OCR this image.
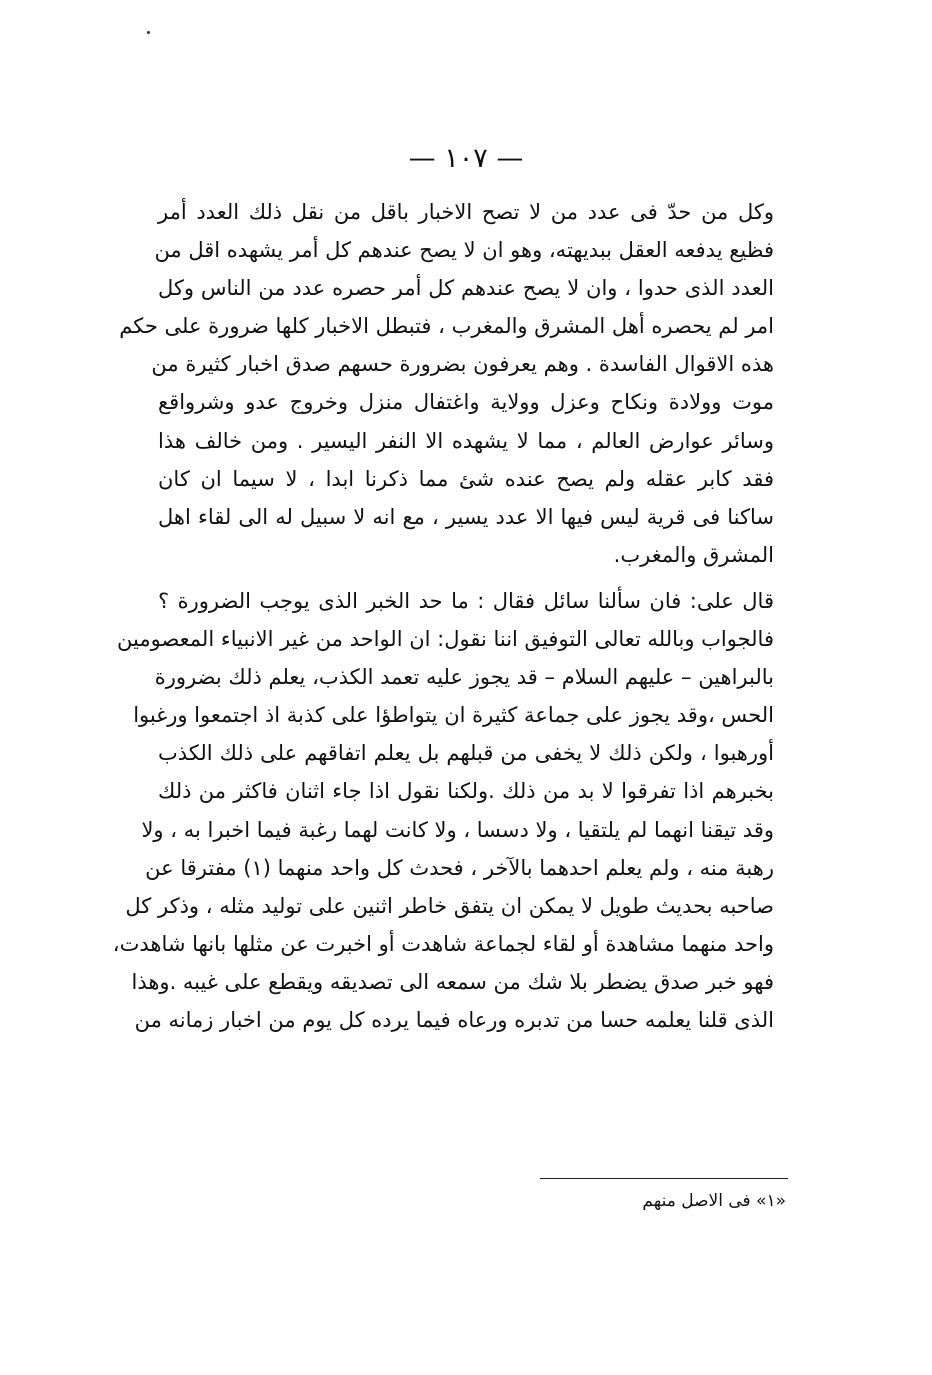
— ١٠٧ —
وكل من حدّ فى عدد من لا تصح الاخبار باقل من نقل ذلك العدد أمر
فظيع يدفعه العقل ببديهته، وهو ان لا يصح عندهم كل أمر يشهده اقل من
العدد الذى حدوا ، وان لا يصح عندهم كل أمر حصره عدد من الناس وكل
امر لم يحصره أهل المشرق والمغرب ، فتبطل الاخبار كلها ضرورة على حكم
هذه الاقوال الفاسدة . وهم يعرفون بضرورة حسهم صدق اخبار كثيرة من
موت وولادة ونكاح وعزل وولاية واغتفال منزل وخروج عدو وشرواقع
وسائر عوارض العالم ، مما لا يشهده الا النفر اليسير . ومن خالف هذا
فقد كابر عقله ولم يصح عنده شئ مما ذكرنا ابدا ، لا سيما ان كان
ساكنا فى قرية ليس فيها الا عدد يسير ، مع انه لا سبيل له الى لقاء اهل
المشرق والمغرب.
قال على: فان سألنا سائل فقال : ما حد الخبر الذى يوجب الضرورة ؟
فالجواب وبالله تعالى التوفيق اننا نقول: ان الواحد من غير الانبياء المعصومين
بالبراهين – عليهم السلام – قد يجوز عليه تعمد الكذب، يعلم ذلك بضرورة
الحس ،وقد يجوز على جماعة كثيرة ان يتواطؤا على كذبة اذ اجتمعوا ورغبوا
أورهبوا ، ولكن ذلك لا يخفى من قبلهم بل يعلم اتفاقهم على ذلك الكذب
بخبرهم اذا تفرقوا لا بد من ذلك .ولكنا نقول اذا جاء اثنان فاكثر من ذلك
وقد تيقنا انهما لم يلتقيا ، ولا دسسا ، ولا كانت لهما رغبة فيما اخبرا به ، ولا
رهبة منه ، ولم يعلم احدهما بالآخر ، فحدث كل واحد منهما (١) مفترقا عن
صاحبه بحديث طويل لا يمكن ان يتفق خاطر اثنين على توليد مثله ، وذكر كل
واحد منهما مشاهدة أو لقاء لجماعة شاهدت أو اخبرت عن مثلها بانها شاهدت،
فهو خبر صدق يضطر بلا شك من سمعه الى تصديقه ويقطع على غيبه .وهذا
الذى قلنا يعلمه حسا من تدبره ورعاه فيما يرده كل يوم من اخبار زمانه من
«١» فى الاصل منهم
